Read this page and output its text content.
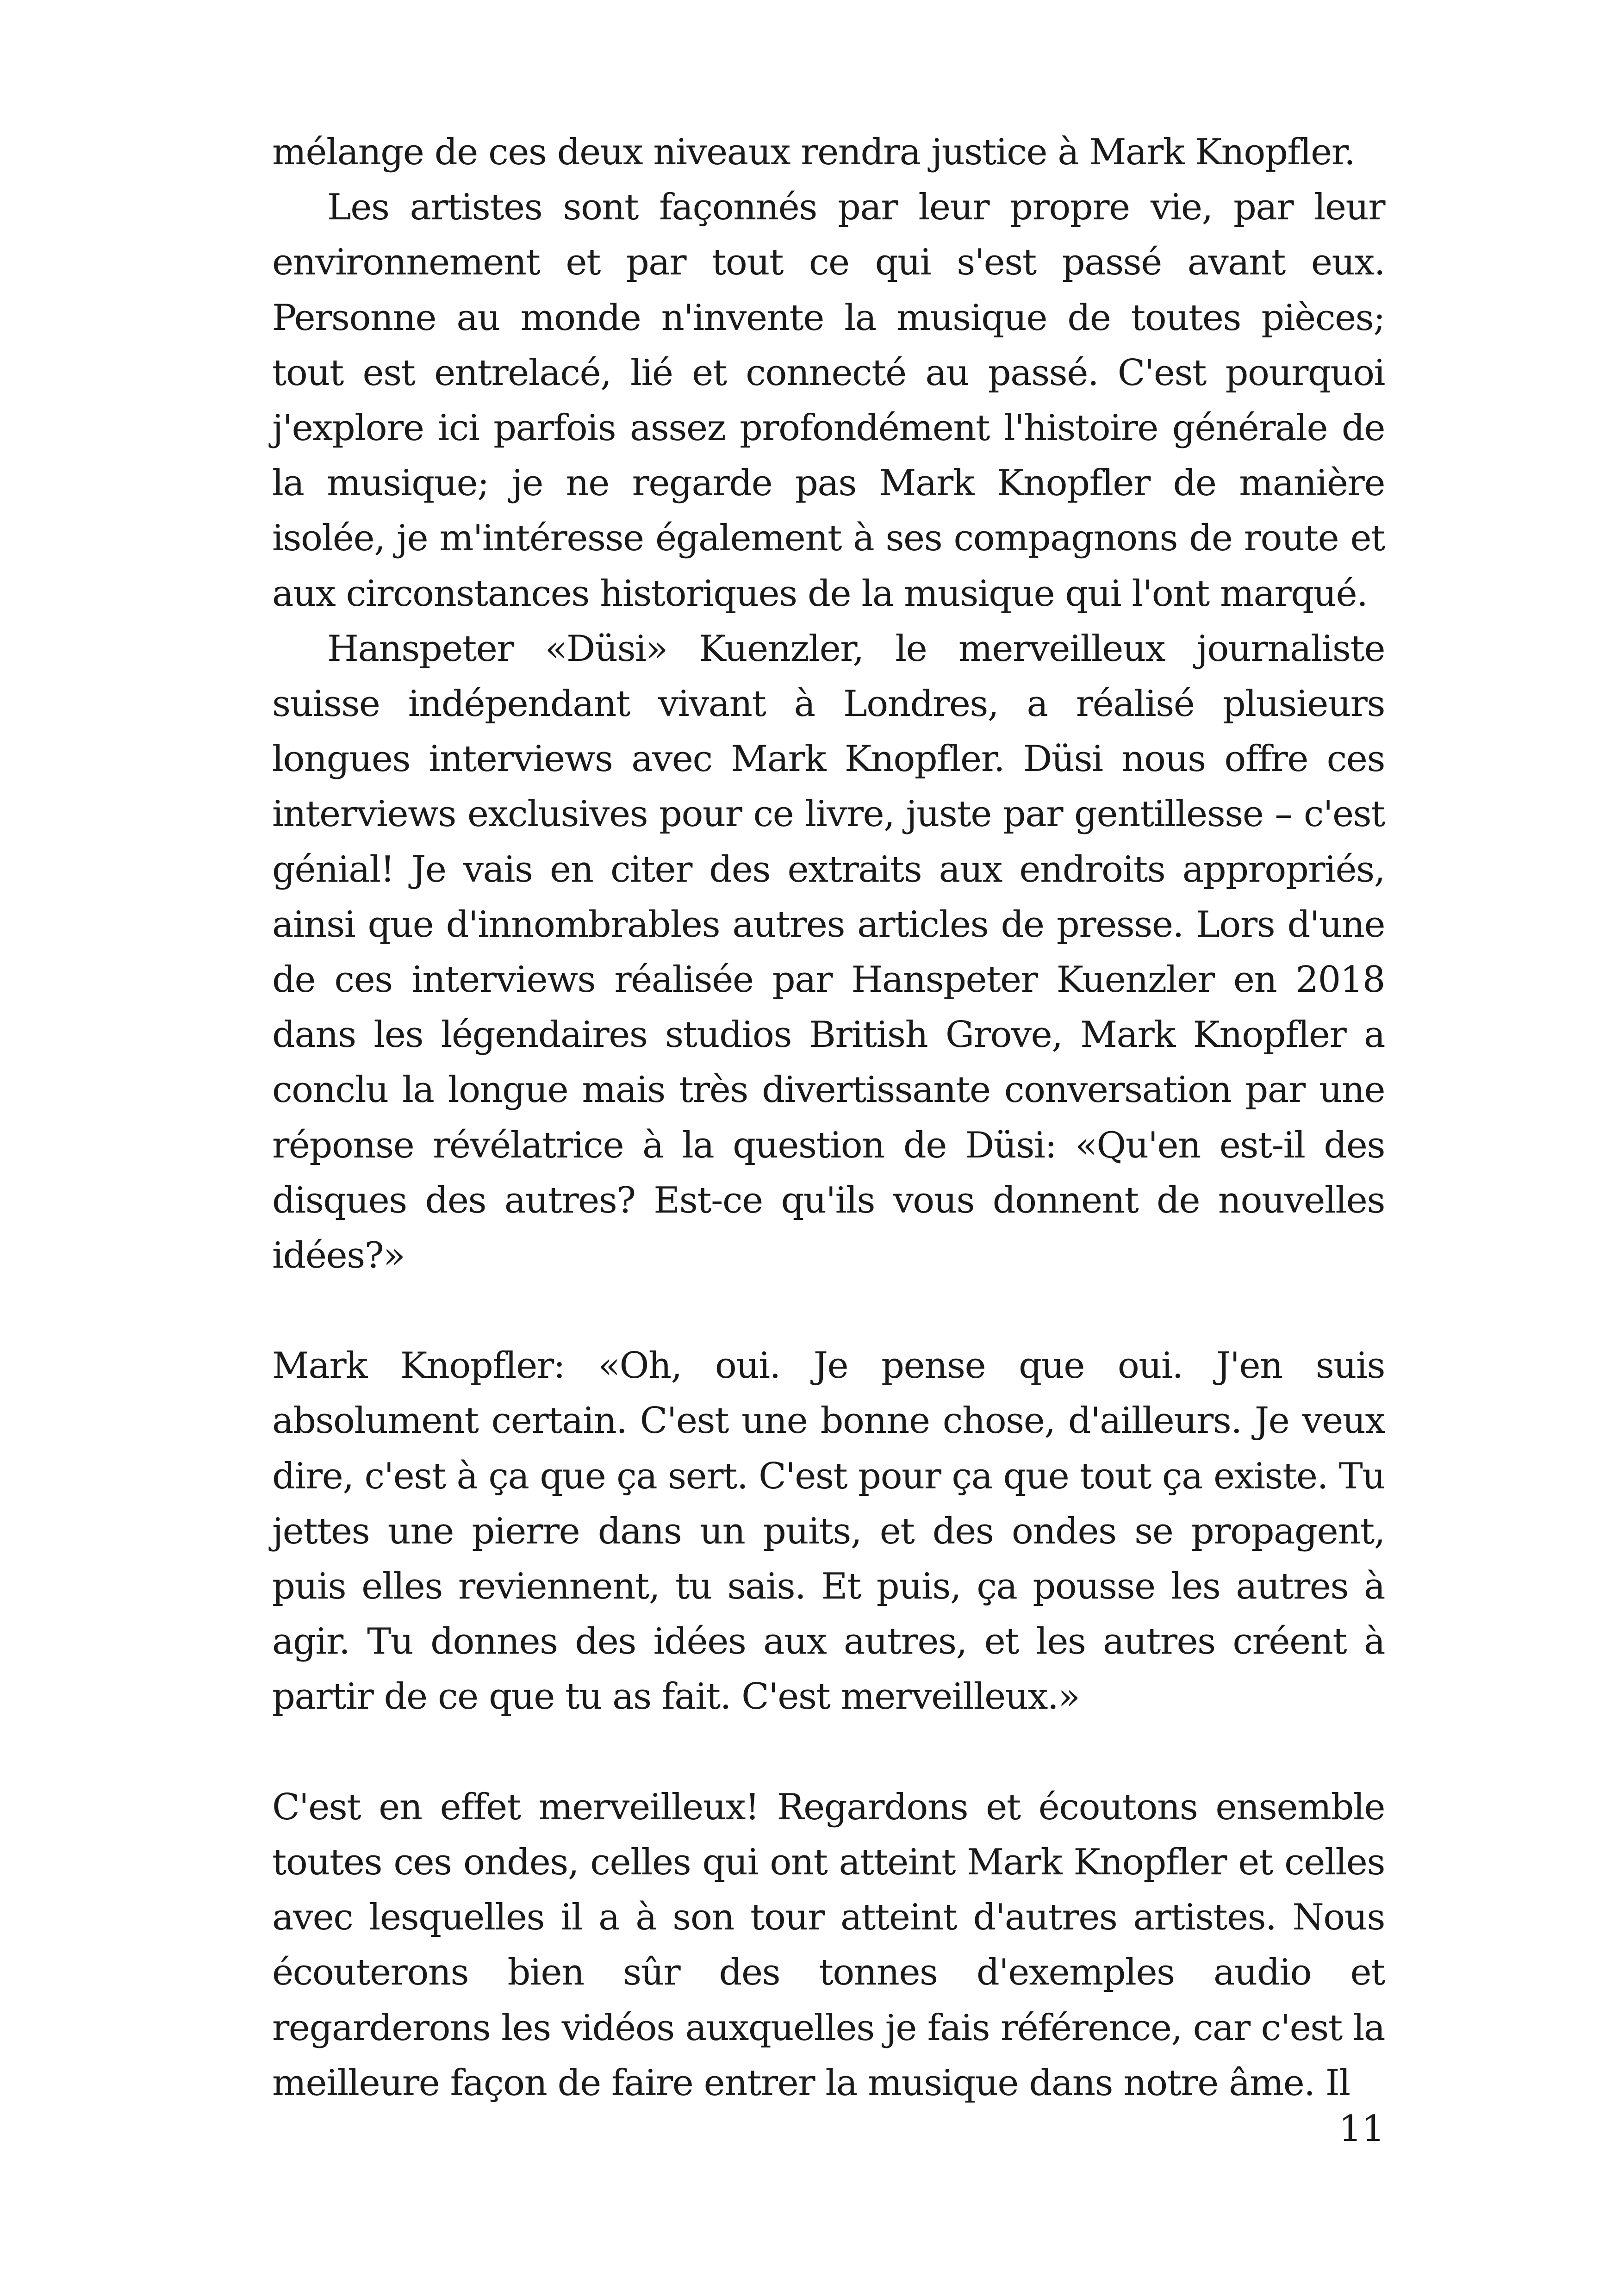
mélange de ces deux niveaux rendra justice à Mark Knopfler.

Les artistes sont façonnés par leur propre vie, par leur environnement et par tout ce qui s'est passé avant eux. Personne au monde n'invente la musique de toutes pièces; tout est entrelacé, lié et connecté au passé. C'est pourquoi j'explore ici parfois assez profondément l'histoire générale de la musique; je ne regarde pas Mark Knopfler de manière isolée, je m'intéresse également à ses compagnons de route et aux circonstances historiques de la musique qui l'ont marqué.

Hanspeter «Düsi» Kuenzler, le merveilleux journaliste suisse indépendant vivant à Londres, a réalisé plusieurs longues interviews avec Mark Knopfler. Düsi nous offre ces interviews exclusives pour ce livre, juste par gentillesse – c'est génial! Je vais en citer des extraits aux endroits appropriés, ainsi que d'innombrables autres articles de presse. Lors d'une de ces interviews réalisée par Hanspeter Kuenzler en 2018 dans les légendaires studios British Grove, Mark Knopfler a conclu la longue mais très divertissante conversation par une réponse révélatrice à la question de Düsi: «Qu'en est-il des disques des autres? Est-ce qu'ils vous donnent de nouvelles idées?»

Mark Knopfler: «Oh, oui. Je pense que oui. J'en suis absolument certain. C'est une bonne chose, d'ailleurs. Je veux dire, c'est à ça que ça sert. C'est pour ça que tout ça existe. Tu jettes une pierre dans un puits, et des ondes se propagent, puis elles reviennent, tu sais. Et puis, ça pousse les autres à agir. Tu donnes des idées aux autres, et les autres créent à partir de ce que tu as fait. C'est merveilleux.»

C'est en effet merveilleux! Regardons et écoutons ensemble toutes ces ondes, celles qui ont atteint Mark Knopfler et celles avec lesquelles il a à son tour atteint d'autres artistes. Nous écouterons bien sûr des tonnes d'exemples audio et regarderons les vidéos auxquelles je fais référence, car c'est la meilleure façon de faire entrer la musique dans notre âme. Il

11
